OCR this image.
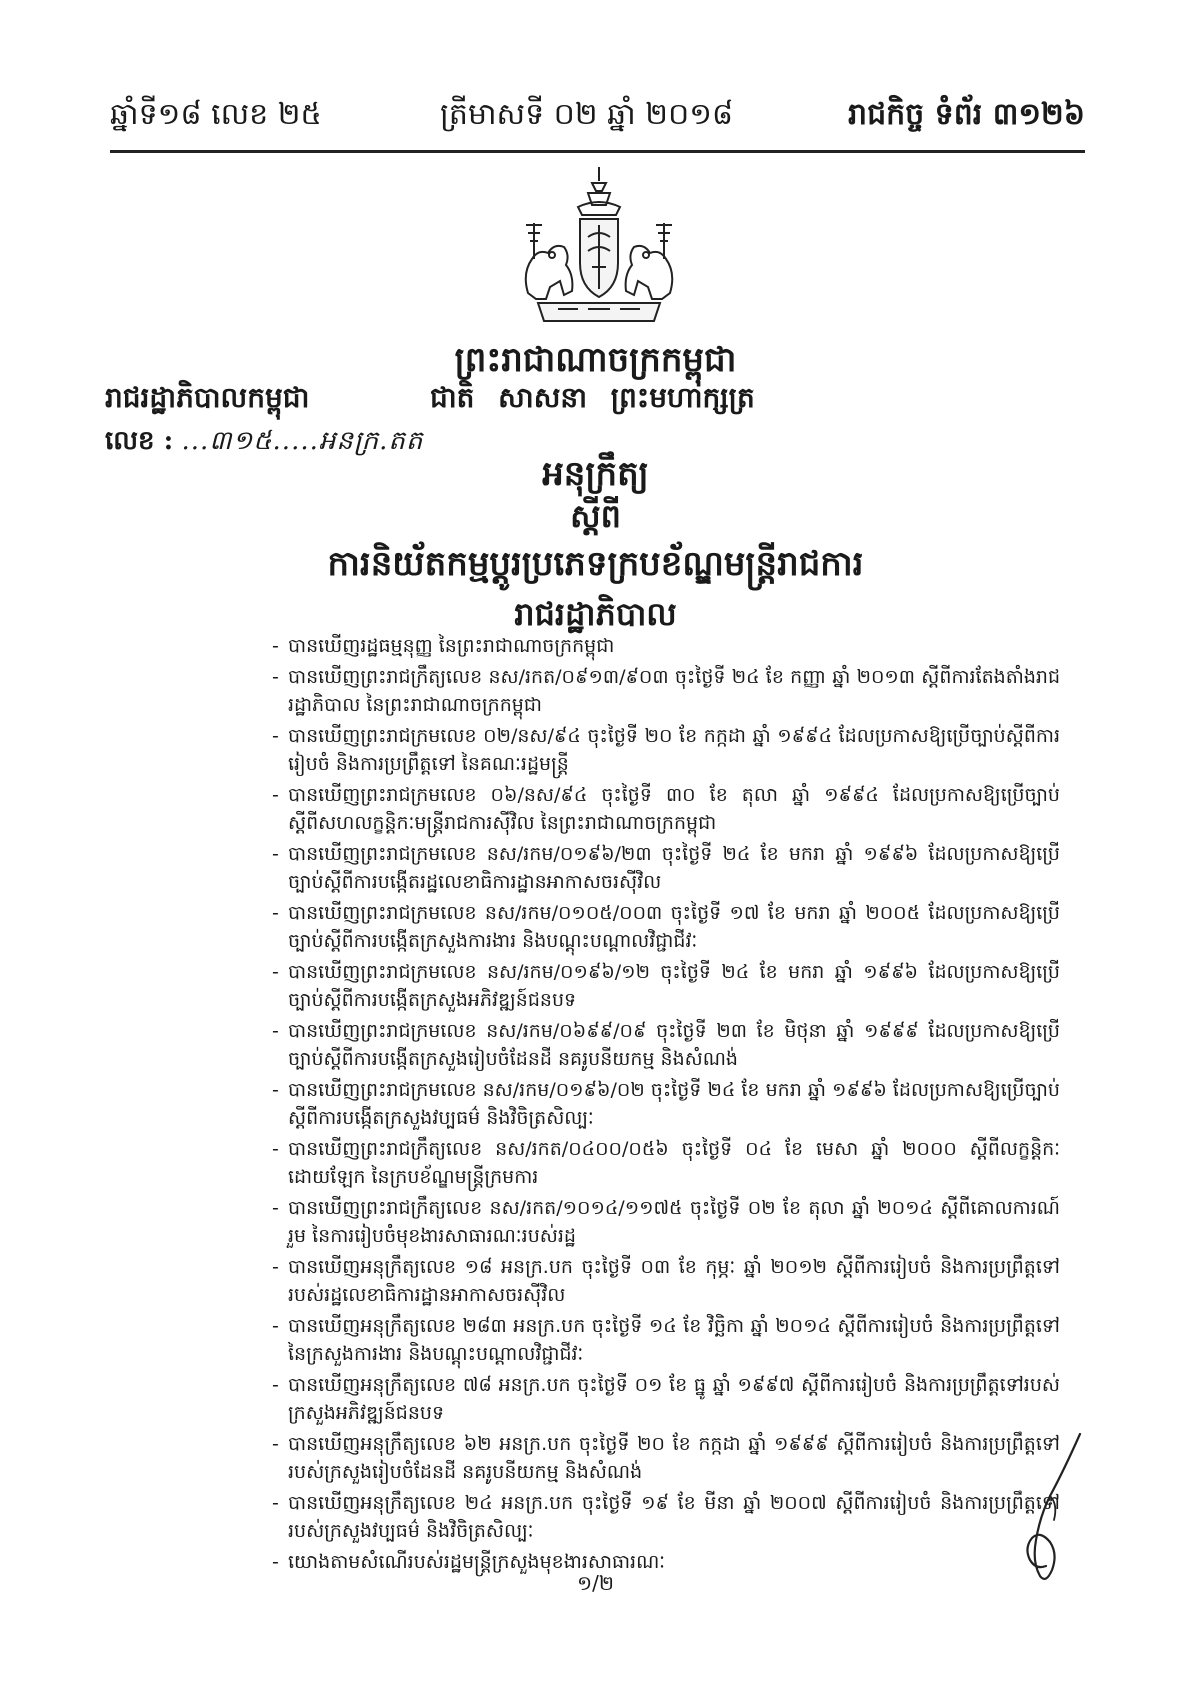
ឆ្នាំទី១៨ លេខ ២៥	ត្រីមាសទី ០២ ឆ្នាំ ២០១៨	រាជកិច្ច ទំព័រ ៣១២៦
ព្រះរាជាណាចក្រកម្ពុជា
រាជរដ្ឋាភិបាលកម្ពុជា	ជាតិ សាសនា ព្រះមហាក្សត្រ
លេខ : ...៣១៥.....អនក្រ.តត
អនុក្រឹត្យ
ស្តីពី
ការនិយ័តកម្មប្ដូរប្រភេទក្របខ័ណ្ឌមន្ត្រីរាជការ
រាជរដ្ឋាភិបាល
- បានឃើញរដ្ឋធម្មនុញ្ញ នៃព្រះរាជាណាចក្រកម្ពុជា
- បានឃើញព្រះរាជក្រឹត្យលេខ នស/រកត/០៩១៣/៩០៣ ចុះថ្ងៃទី ២៤ ខែ កញ្ញា ឆ្នាំ ២០១៣ ស្តីពីការតែងតាំងរាជរដ្ឋាភិបាល នៃព្រះរាជាណាចក្រកម្ពុជា
- បានឃើញព្រះរាជក្រមលេខ ០២/នស/៩៤ ចុះថ្ងៃទី ២០ ខែ កក្កដា ឆ្នាំ ១៩៩៤ ដែលប្រកាសឱ្យប្រើច្បាប់ស្តីពីការរៀបចំ និងការប្រព្រឹត្តទៅ នៃគណៈរដ្ឋមន្ត្រី
- បានឃើញព្រះរាជក្រមលេខ ០៦/នស/៩៤ ចុះថ្ងៃទី ៣០ ខែ តុលា ឆ្នាំ ១៩៩៤ ដែលប្រកាសឱ្យប្រើច្បាប់ស្តីពីសហលក្ខន្តិកៈមន្ត្រីរាជការស៊ីវិល នៃព្រះរាជាណាចក្រកម្ពុជា
- បានឃើញព្រះរាជក្រមលេខ នស/រកម/០១៩៦/២៣ ចុះថ្ងៃទី ២៤ ខែ មករា ឆ្នាំ ១៩៩៦ ដែលប្រកាសឱ្យប្រើច្បាប់ស្តីពីការបង្កើតរដ្ឋលេខាធិការដ្ឋានអាកាសចរស៊ីវិល
- បានឃើញព្រះរាជក្រមលេខ នស/រកម/០១០៥/០០៣ ចុះថ្ងៃទី ១៧ ខែ មករា ឆ្នាំ ២០០៥ ដែលប្រកាសឱ្យប្រើច្បាប់ស្តីពីការបង្កើតក្រសួងការងារ និងបណ្តុះបណ្តាលវិជ្ជាជីវៈ
- បានឃើញព្រះរាជក្រមលេខ នស/រកម/០១៩៦/១២ ចុះថ្ងៃទី ២៤ ខែ មករា ឆ្នាំ ១៩៩៦ ដែលប្រកាសឱ្យប្រើច្បាប់ស្តីពីការបង្កើតក្រសួងអភិវឌ្ឍន៍ជនបទ
- បានឃើញព្រះរាជក្រមលេខ នស/រកម/០៦៩៩/០៩ ចុះថ្ងៃទី ២៣ ខែ មិថុនា ឆ្នាំ ១៩៩៩ ដែលប្រកាសឱ្យប្រើច្បាប់ស្តីពីការបង្កើតក្រសួងរៀបចំដែនដី នគរូបនីយកម្ម និងសំណង់
- បានឃើញព្រះរាជក្រមលេខ នស/រកម/០១៩៦/០២ ចុះថ្ងៃទី ២៤ ខែ មករា ឆ្នាំ ១៩៩៦ ដែលប្រកាសឱ្យប្រើច្បាប់ស្តីពីការបង្កើតក្រសួងវប្បធម៌ និងវិចិត្រសិល្បៈ
- បានឃើញព្រះរាជក្រឹត្យលេខ នស/រកត/០៤០០/០៥៦ ចុះថ្ងៃទី ០៤ ខែ មេសា ឆ្នាំ ២០០០ ស្តីពីលក្ខន្តិកៈដោយឡែក នៃក្របខ័ណ្ឌមន្ត្រីក្រមការ
- បានឃើញព្រះរាជក្រឹត្យលេខ នស/រកត/១០១៤/១១៧៥ ចុះថ្ងៃទី ០២ ខែ តុលា ឆ្នាំ ២០១៤ ស្តីពីគោលការណ៍រួម នៃការរៀបចំមុខងារសាធារណៈរបស់រដ្ឋ
- បានឃើញអនុក្រឹត្យលេខ ១៨ អនក្រ.បក ចុះថ្ងៃទី ០៣ ខែ កុម្ភៈ ឆ្នាំ ២០១២ ស្តីពីការរៀបចំ និងការប្រព្រឹត្តទៅរបស់រដ្ឋលេខាធិការដ្ឋានអាកាសចរស៊ីវិល
- បានឃើញអនុក្រឹត្យលេខ ២៨៣ អនក្រ.បក ចុះថ្ងៃទី ១៤ ខែ វិច្ឆិកា ឆ្នាំ ២០១៤ ស្តីពីការរៀបចំ និងការប្រព្រឹត្តទៅនៃក្រសួងការងារ និងបណ្តុះបណ្តាលវិជ្ជាជីវៈ
- បានឃើញអនុក្រឹត្យលេខ ៧៨ អនក្រ.បក ចុះថ្ងៃទី ០១ ខែ ធ្នូ ឆ្នាំ ១៩៩៧ ស្តីពីការរៀបចំ និងការប្រព្រឹត្តទៅរបស់ក្រសួងអភិវឌ្ឍន៍ជនបទ
- បានឃើញអនុក្រឹត្យលេខ ៦២ អនក្រ.បក ចុះថ្ងៃទី ២០ ខែ កក្កដា ឆ្នាំ ១៩៩៩ ស្តីពីការរៀបចំ និងការប្រព្រឹត្តទៅរបស់ក្រសួងរៀបចំដែនដី នគរូបនីយកម្ម និងសំណង់
- បានឃើញអនុក្រឹត្យលេខ ២៤ អនក្រ.បក ចុះថ្ងៃទី ១៩ ខែ មីនា ឆ្នាំ ២០០៧ ស្តីពីការរៀបចំ និងការប្រព្រឹត្តទៅរបស់ក្រសួងវប្បធម៌ និងវិចិត្រសិល្បៈ
- យោងតាមសំណើរបស់រដ្ឋមន្ត្រីក្រសួងមុខងារសាធារណៈ
១/២
